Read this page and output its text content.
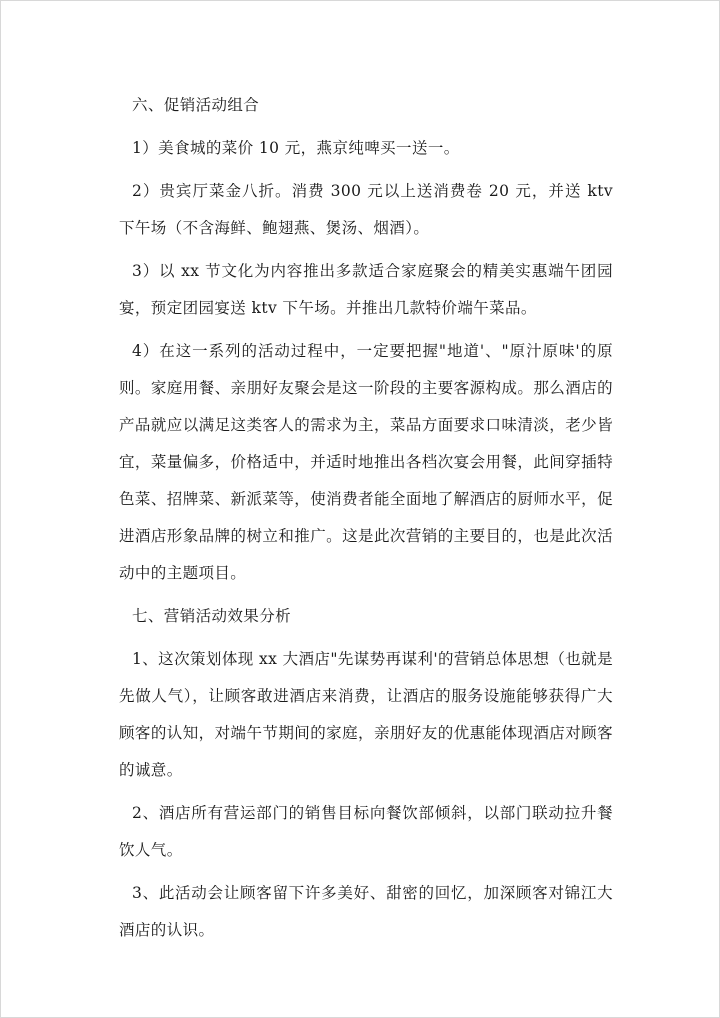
六、促销活动组合

1）美食城的菜价 10 元，燕京纯啤买一送一。

2）贵宾厅菜金八折。消费 300 元以上送消费卷 20 元，并送 ktv 下午场（不含海鲜、鲍翅燕、煲汤、烟酒）。

3）以 xx 节文化为内容推出多款适合家庭聚会的精美实惠端午团园宴，预定团园宴送 ktv 下午场。并推出几款特价端午菜品。

4）在这一系列的活动过程中，一定要把握"地道'、"原汁原味'的原则。家庭用餐、亲朋好友聚会是这一阶段的主要客源构成。那么酒店的产品就应以满足这类客人的需求为主，菜品方面要求口味清淡，老少皆宜，菜量偏多，价格适中，并适时地推出各档次宴会用餐，此间穿插特色菜、招牌菜、新派菜等，使消费者能全面地了解酒店的厨师水平，促进酒店形象品牌的树立和推广。这是此次营销的主要目的，也是此次活动中的主题项目。

七、营销活动效果分析

1、这次策划体现 xx 大酒店"先谋势再谋利'的营销总体思想（也就是先做人气），让顾客敢进酒店来消费，让酒店的服务设施能够获得广大顾客的认知，对端午节期间的家庭，亲朋好友的优惠能体现酒店对顾客的诚意。

2、酒店所有营运部门的销售目标向餐饮部倾斜，以部门联动拉升餐饮人气。

3、此活动会让顾客留下许多美好、甜密的回忆，加深顾客对锦江大酒店的认识。
